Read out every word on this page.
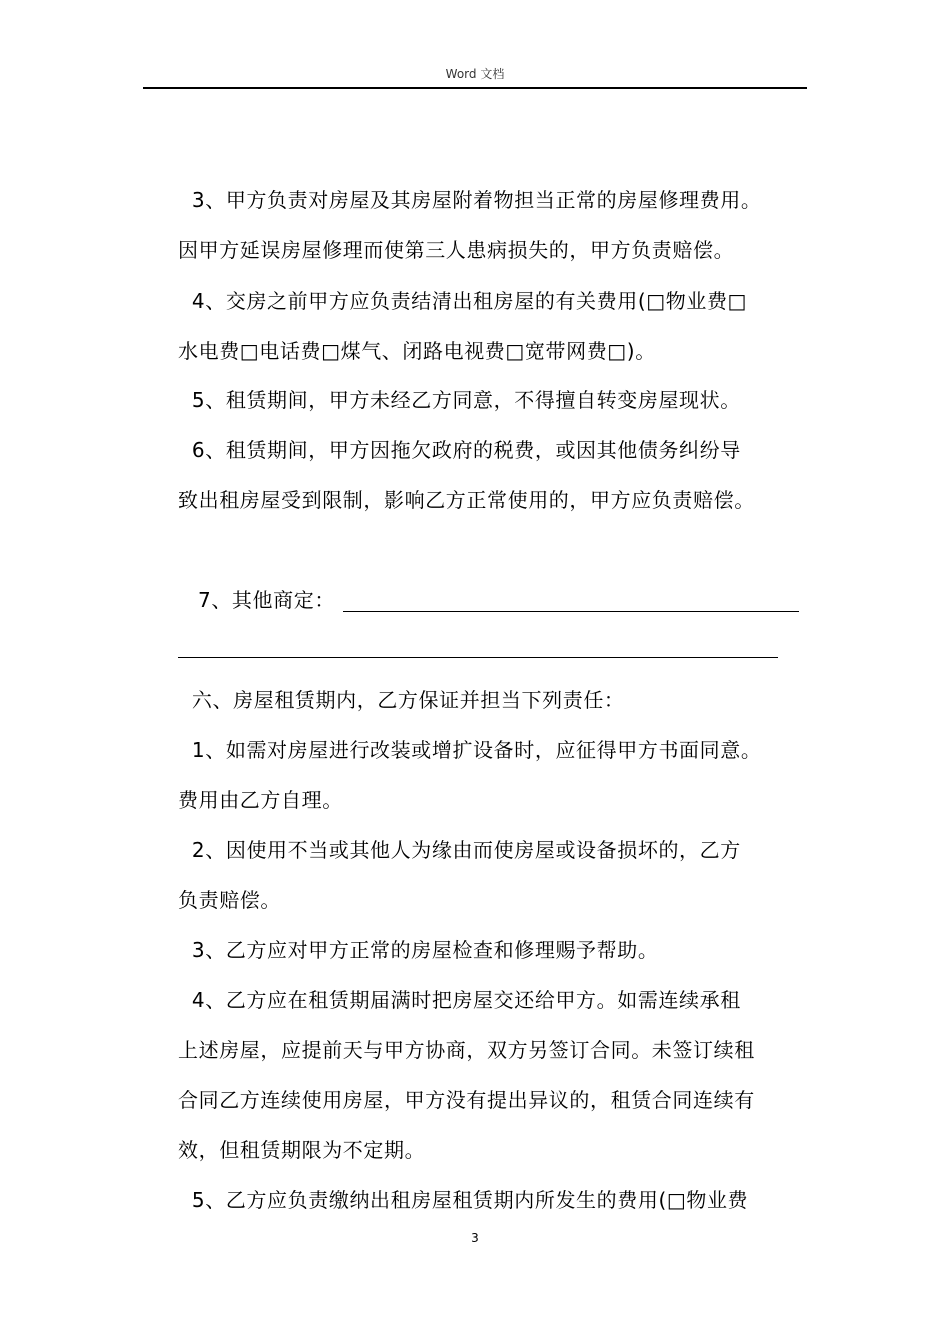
Word 文档
3、甲方负责对房屋及其房屋附着物担当正常的房屋修理费用。
因甲方延误房屋修理而使第三人患病损失的，甲方负责赔偿。
4、交房之前甲方应负责结清出租房屋的有关费用(□物业费□
水电费□电话费□煤气、闭路电视费□宽带网费□)。
5、租赁期间，甲方未经乙方同意，不得擅自转变房屋现状。
6、租赁期间，甲方因拖欠政府的税费，或因其他债务纠纷导
致出租房屋受到限制，影响乙方正常使用的，甲方应负责赔偿。
7、其他商定：
六、房屋租赁期内，乙方保证并担当下列责任：
1、如需对房屋进行改装或增扩设备时，应征得甲方书面同意。
费用由乙方自理。
2、因使用不当或其他人为缘由而使房屋或设备损坏的，乙方
负责赔偿。
3、乙方应对甲方正常的房屋检查和修理赐予帮助。
4、乙方应在租赁期届满时把房屋交还给甲方。如需连续承租
上述房屋，应提前天与甲方协商，双方另签订合同。未签订续租
合同乙方连续使用房屋，甲方没有提出异议的，租赁合同连续有
效，但租赁期限为不定期。
5、乙方应负责缴纳出租房屋租赁期内所发生的费用(□物业费
3
